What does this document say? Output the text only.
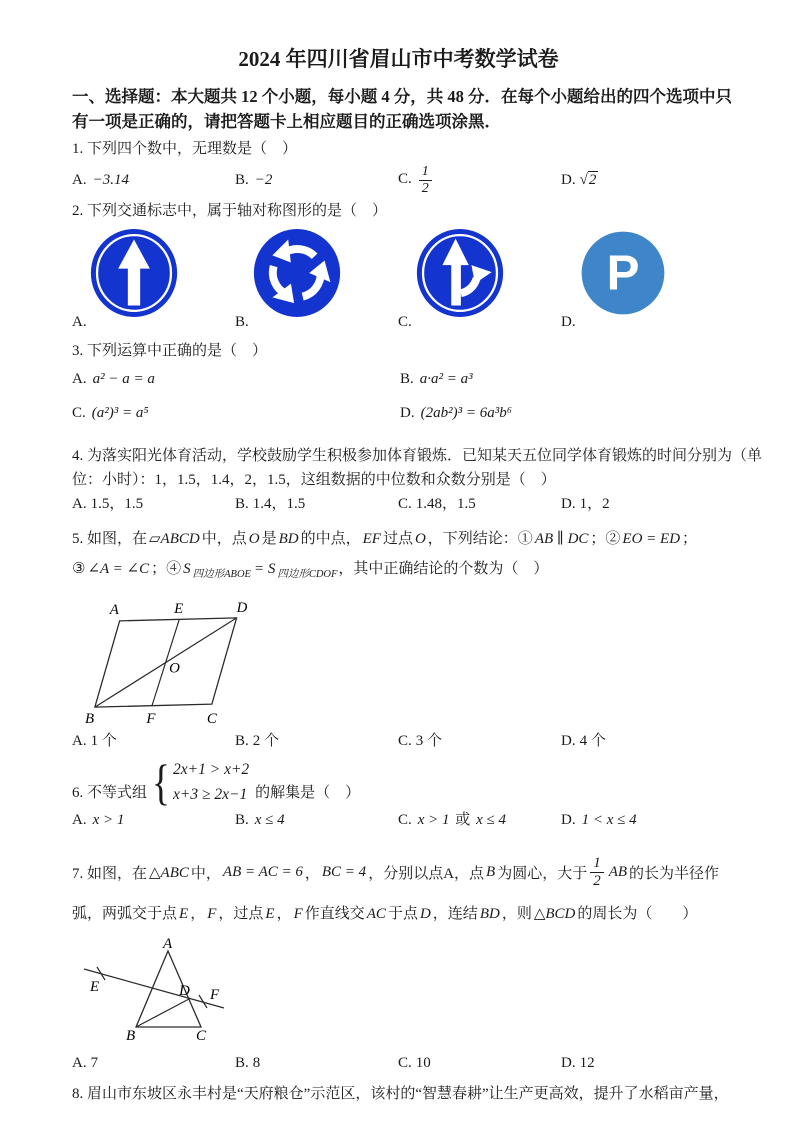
2024 年四川省眉山市中考数学试卷
一、选择题：本大题共 12 个小题，每小题 4 分，共 48 分．在每个小题给出的四个选项中只
有一项是正确的，请把答题卡上相应题目的正确选项涂黑．

1. 下列四个数中，无理数是（　）

A. −3.14	B. −2	C. $\frac{1}{2}$	D. √2

2. 下列交通标志中，属于轴对称图形的是（　）

P
A.	B.	C.	D.

3. 下列运算中正确的是（　）

A. a² − a = a	B. a·a² = a³
C. (a²)³ = a⁵	D. (2ab²)³ = 6a³b⁶
4. 为落实阳光体育活动，学校鼓励学生积极参加体育锻炼．已知某天五位同学体育锻炼的时间分别为（单
位：小时）：1，1.5，1.4，2，1.5，这组数据的中位数和众数分别是（　）
A. 1.5，1.5	B. 1.4，1.5	C. 1.48，1.5	D. 1，2
5. 如图，在 ▱ABCD 中，点 O 是 BD 的中点， EF 过点 O ，下列结论：① AB ∥ DC ；② EO = ED ；
③ ∠A = ∠C ；④ S $_{四边形ABOE}$ = S $_{四边形CDOF}$，其中正确结论的个数为（　）
A	E	D
B	F	C
O
A. 1 个	B. 2 个	C. 3 个	D. 4 个
6. 不等式组 { 2x+1 > x+2
x+3 ≥ 2x−1 的解集是（　）
A. x > 1	B. x ≤ 4	C. x > 1 或 x ≤ 4	D. 1 < x ≤ 4
7. 如图，在 △ABC 中， AB = AC = 6 ， BC = 4 ，分别以点A，点 B 为圆心，大于 $\frac{1}{2}$ AB 的长为半径作
弧，两弧交于点 E ， F ，过点 E ， F 作直线交 AC 于点 D ，连结 BD ，则 △BCD 的周长为（　　）
A
B	C
D
E	F
A. 7	B. 8	C. 10	D. 12

8. 眉山市东坡区永丰村是“天府粮仓”示范区，该村的“智慧春耕”让生产更高效，提升了水稻亩产量，
